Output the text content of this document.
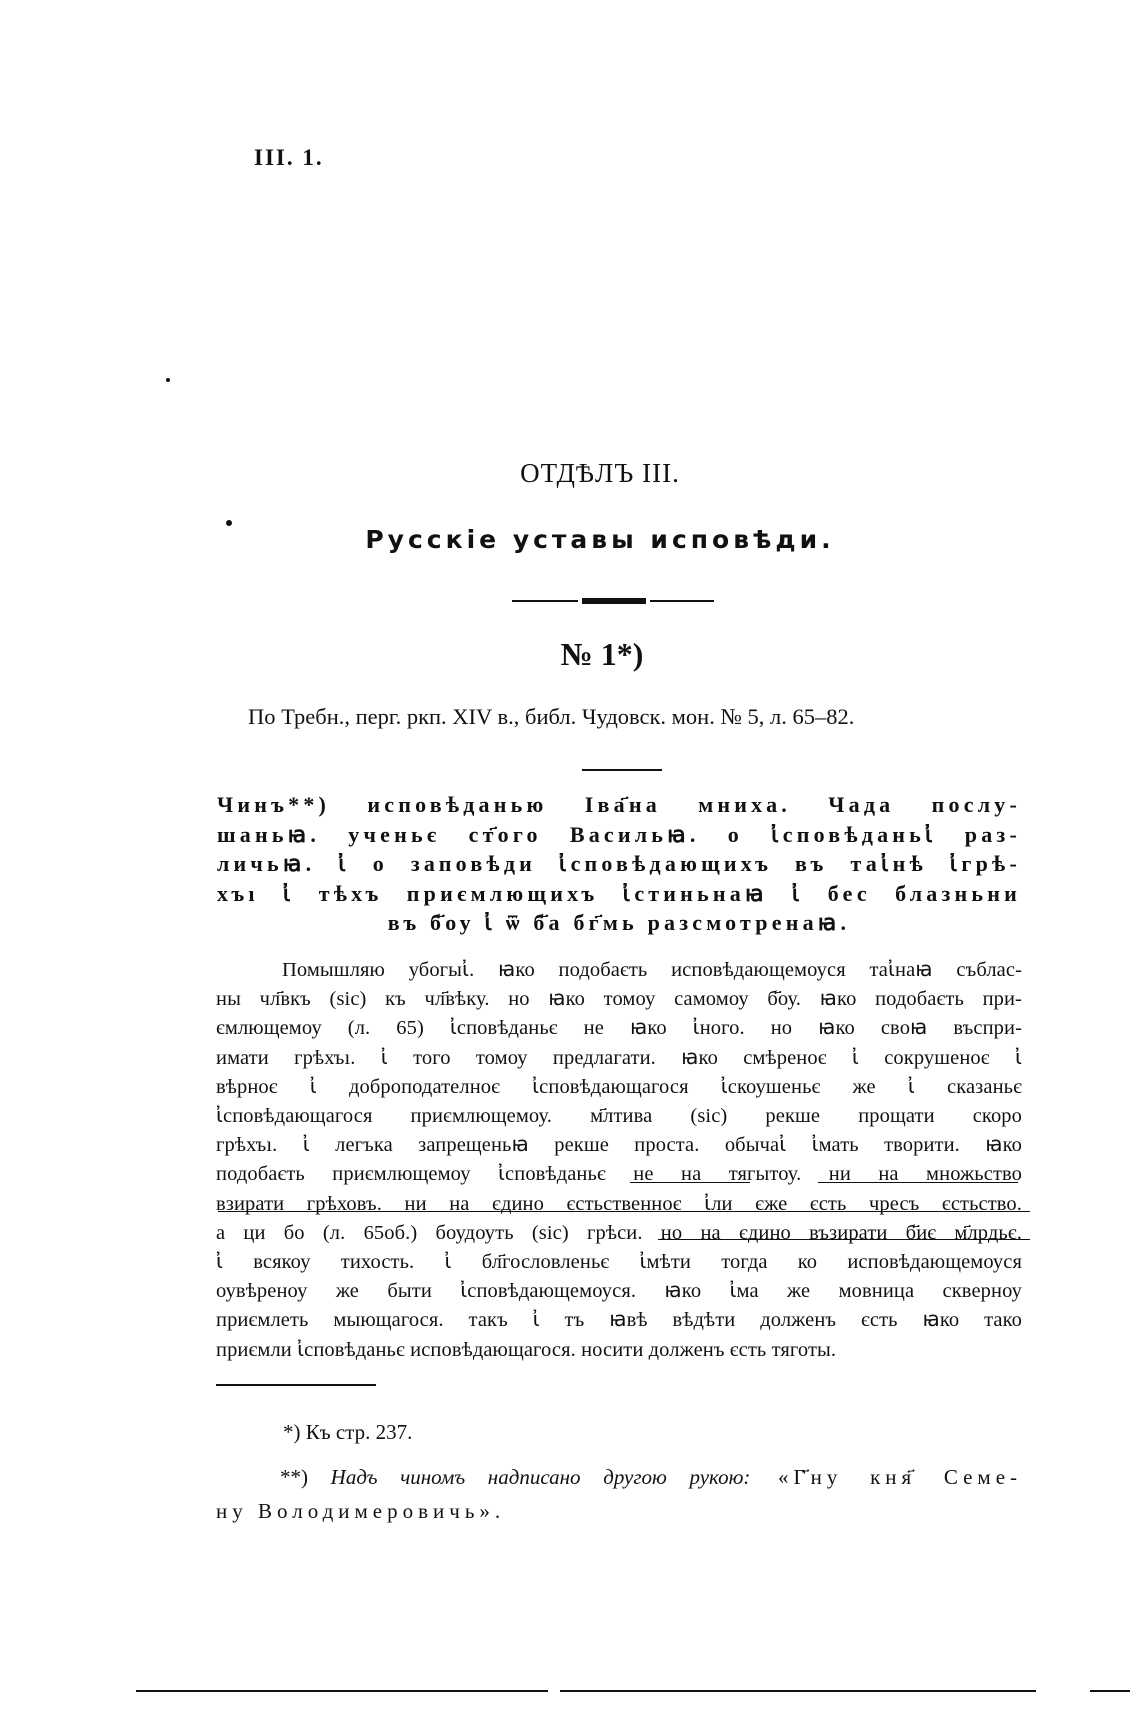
III. 1.
ОТДѢЛЪ III.
Русскіе уставы исповѣди.
№ 1*)
По Требн., перг. ркп. XIV в., библ. Чудовск. мон. № 5, л. 65–82.
Чинъ**) исповѣданью Іва҃на мниха. Чада послу-
шаньꙗ. ученьє ст҃ого Васильꙗ. о ꙇ҆сповѣданьꙇ҆ раз-
личьꙗ. ꙇ҆ о заповѣди ꙇ҆сповѣдающихъ въ таꙇ҆нѣ ꙇ҆грѣ-
хъı ꙇ҆ тѣхъ приємлющихъ ꙇ҆стиньнаꙗ ꙇ҆ бес блазньни
въ б҃оу ꙇ҆ ѿ б҃а бг҃мь разсмотренаꙗ.
Помышляю убогыꙇ҆. ꙗко подобаєть исповѣдающемоуся таꙇ҆наꙗ съблас-
ны чл҃вкъ (sic) къ чл҃вѣку. но ꙗко томоу самомоу б҃оу. ꙗко подобаєть при-
ємлющемоу (л. 65) ꙇ҆сповѣданьє не ꙗко ꙇ҆ного. но ꙗко своꙗ въспри-
имати грѣхъı. ꙇ҆ того томоу предлагати. ꙗко смѣреноє ꙇ҆ сокрушеноє ꙇ҆
вѣрноє ꙇ҆ доброподателноє ꙇ҆сповѣдающагося ꙇ҆скоушеньє же ꙇ҆ сказаньє
ꙇ҆сповѣдающагося приємлющемоу. м҃лтива (sic) рекше прощати скоро
грѣхъı. ꙇ҆ легъка запрещеньꙗ рекше проста. обычаꙇ҆ ꙇ҆мать творити. ꙗко
подобаєть приємлющемоу ꙇ҆сповѣданьє не на тягытоу. ни на множьство
взирати грѣховъ. ни на єдино єстьственноє ꙇ҆ли єже єсть чресъ єстьство.
а ци бо (л. 65об.) боудоуть (sic) грѣси. но на єдино възирати б҃иє м҃лрдьє.
ꙇ҆ всякоу тихость. ꙇ҆ бл҃гословленьє ꙇ҆мѣти тогда ко исповѣдающемоуся
оувѣреноу же быти ꙇ҆сповѣдающемоуся. ꙗко ꙇ҆ма же мовница скверноу
приємлеть мыющагося. такъ ꙇ҆ тъ ꙗвѣ вѣдѣти долженъ єсть ꙗко тако
приємли ꙇ҆сповѣданьє исповѣдающагося. носити долженъ єсть тяготы.
*) Къ стр. 237.
**) Надъ чиномъ надписано другою рукою: «Г҃ну кня҃ Семе-
ну Володимеровичь».
